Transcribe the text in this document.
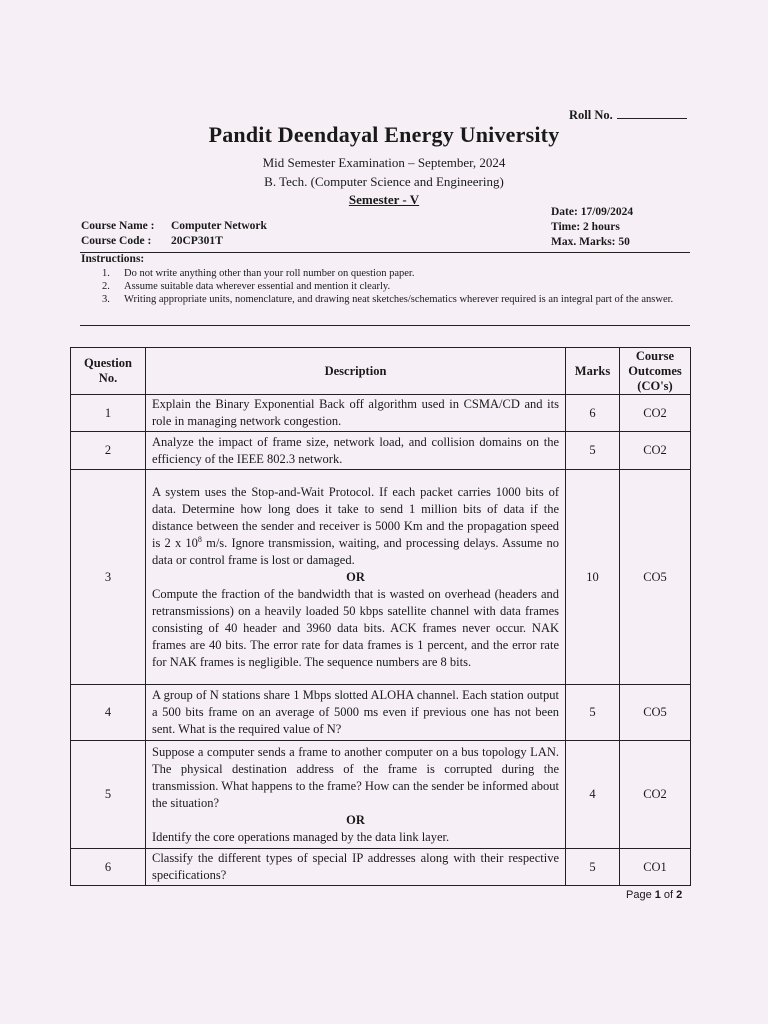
Roll No.
Pandit Deendayal Energy University
Mid Semester Examination – September, 2024
B. Tech. (Computer Science and Engineering)
Semester - V
Course Name : Computer Network
Course Code : 20CP301T
Date: 17/09/2024
Time: 2 hours
Max. Marks: 50
Instructions:
1. Do not write anything other than your roll number on question paper.
2. Assume suitable data wherever essential and mention it clearly.
3. Writing appropriate units, nomenclature, and drawing neat sketches/schematics wherever required is an integral part of the answer.
Question No.	Description	Marks	Course Outcomes (CO's)
1	Explain the Binary Exponential Back off algorithm used in CSMA/CD and its role in managing network congestion.	6	CO2
2	Analyze the impact of frame size, network load, and collision domains on the efficiency of the IEEE 802.3 network.	5	CO2
3	A system uses the Stop-and-Wait Protocol. If each packet carries 1000 bits of data. Determine how long does it take to send 1 million bits of data if the distance between the sender and receiver is 5000 Km and the propagation speed is 2 x $10^8$ m/s. Ignore transmission, waiting, and processing delays. Assume no data or control frame is lost or damaged.
OR
Compute the fraction of the bandwidth that is wasted on overhead (headers and retransmissions) on a heavily loaded 50 kbps satellite channel with data frames consisting of 40 header and 3960 data bits. ACK frames never occur. NAK frames are 40 bits. The error rate for data frames is 1 percent, and the error rate for NAK frames is negligible. The sequence numbers are 8 bits.	10	CO5
4	A group of N stations share 1 Mbps slotted ALOHA channel. Each station output a 500 bits frame on an average of 5000 ms even if previous one has not been sent. What is the required value of N?	5	CO5
5	Suppose a computer sends a frame to another computer on a bus topology LAN. The physical destination address of the frame is corrupted during the transmission. What happens to the frame? How can the sender be informed about the situation?
OR
Identify the core operations managed by the data link layer.	4	CO2
6	Classify the different types of special IP addresses along with their respective specifications?	5	CO1
Page 1 of 2
